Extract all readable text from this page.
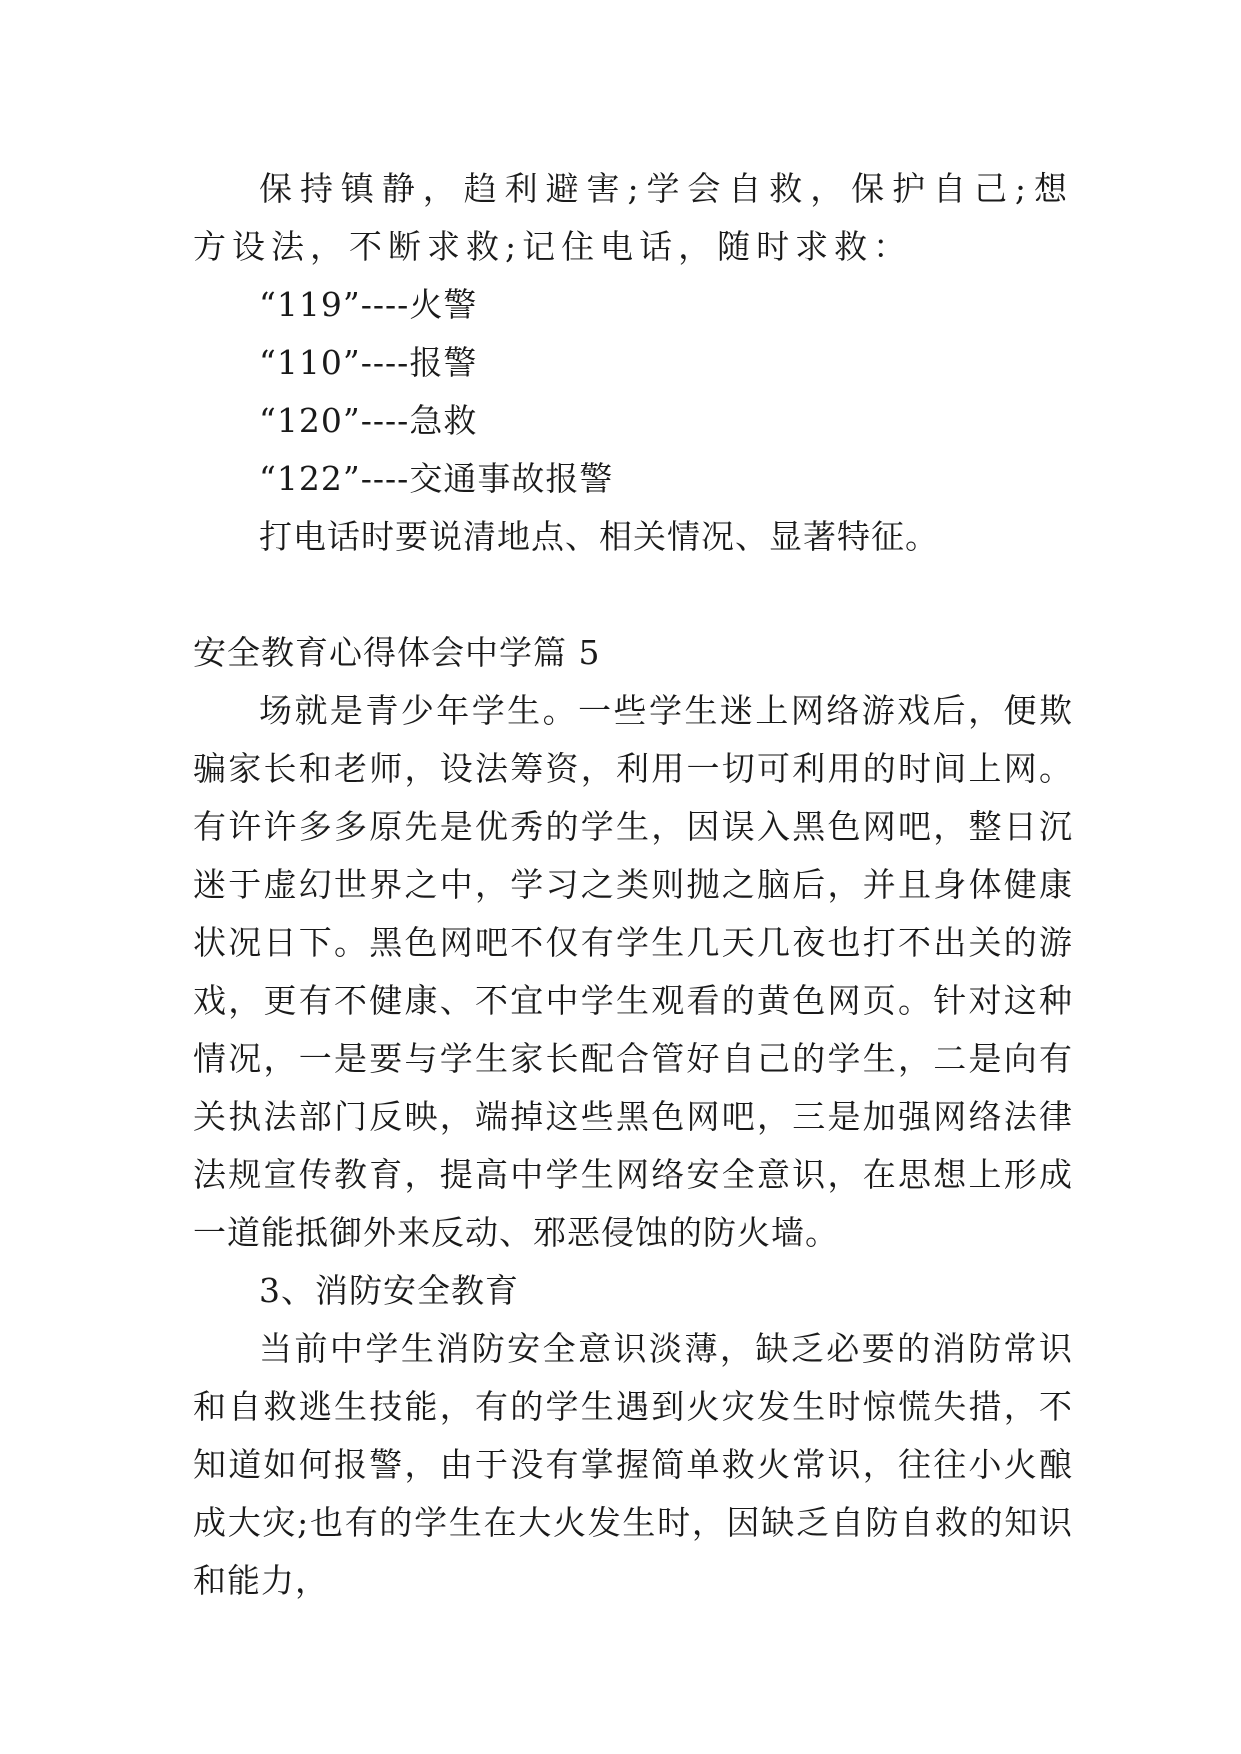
保持镇静，趋利避害;学会自救，保护自己;想方设法，不断求救;记住电话，随时求救：

“119”----火警

“110”----报警

“120”----急救

“122”----交通事故报警

打电话时要说清地点、相关情况、显著特征。

安全教育心得体会中学篇 5

场就是青少年学生。一些学生迷上网络游戏后，便欺骗家长和老师，设法筹资，利用一切可利用的时间上网。有许许多多原先是优秀的学生，因误入黑色网吧，整日沉迷于虚幻世界之中，学习之类则抛之脑后，并且身体健康状况日下。黑色网吧不仅有学生几天几夜也打不出关的游戏，更有不健康、不宜中学生观看的黄色网页。针对这种情况，一是要与学生家长配合管好自己的学生，二是向有关执法部门反映，端掉这些黑色网吧，三是加强网络法律法规宣传教育，提高中学生网络安全意识，在思想上形成一道能抵御外来反动、邪恶侵蚀的防火墙。

3、消防安全教育

当前中学生消防安全意识淡薄，缺乏必要的消防常识和自救逃生技能，有的学生遇到火灾发生时惊慌失措，不知道如何报警，由于没有掌握简单救火常识，往往小火酿成大灾;也有的学生在大火发生时，因缺乏自防自救的知识和能力，
